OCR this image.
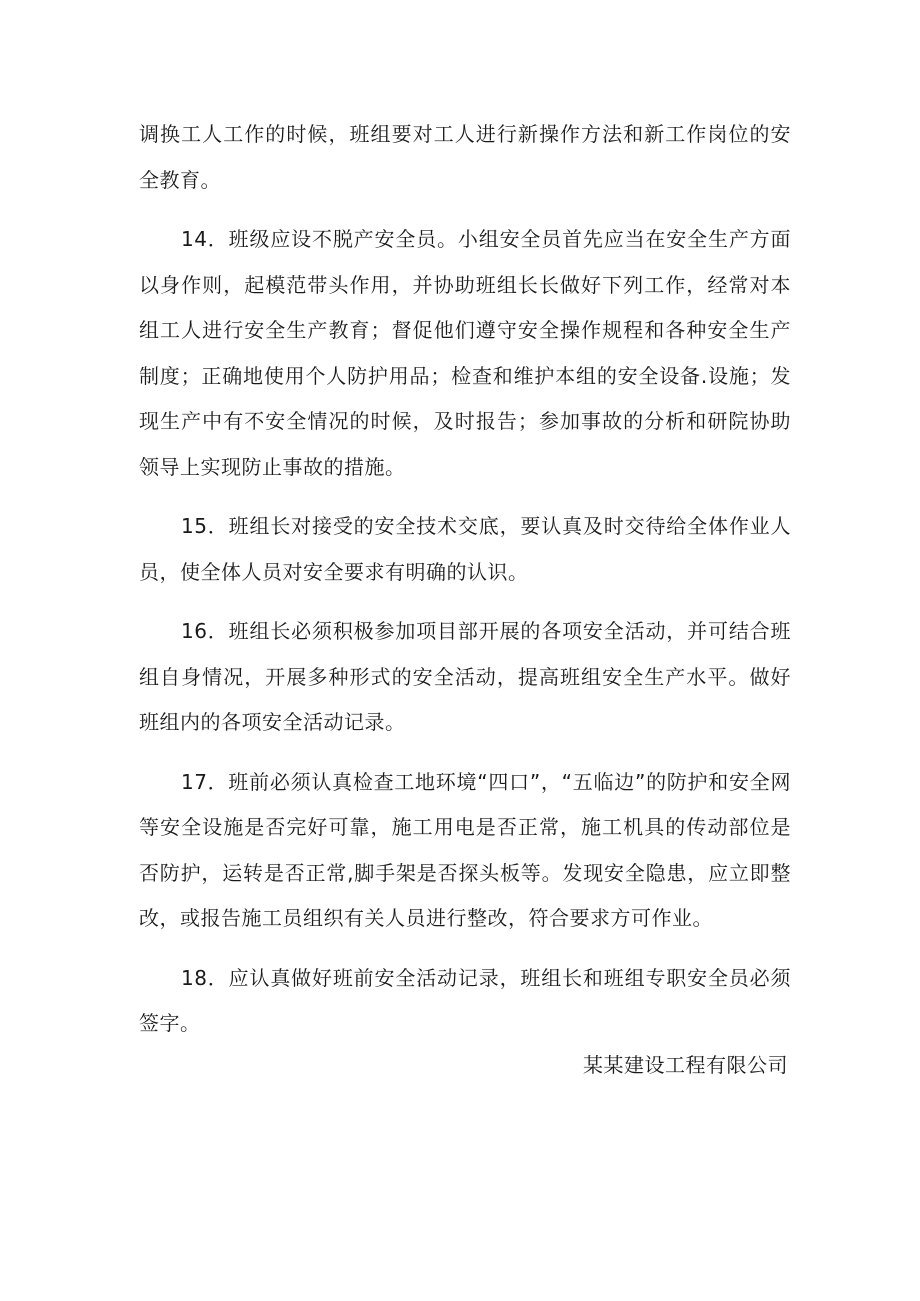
调换工人工作的时候，班组要对工人进行新操作方法和新工作岗位的安全教育。

14．班级应设不脱产安全员。小组安全员首先应当在安全生产方面以身作则，起模范带头作用，并协助班组长长做好下列工作，经常对本组工人进行安全生产教育；督促他们遵守安全操作规程和各种安全生产制度；正确地使用个人防护用品；检查和维护本组的安全设备.设施；发现生产中有不安全情况的时候，及时报告；参加事故的分析和研院协助领导上实现防止事故的措施。

15．班组长对接受的安全技术交底，要认真及时交待给全体作业人员，使全体人员对安全要求有明确的认识。

16．班组长必须积极参加项目部开展的各项安全活动，并可结合班组自身情况，开展多种形式的安全活动，提高班组安全生产水平。做好班组内的各项安全活动记录。

17．班前必须认真检查工地环境“四口”，“五临边”的防护和安全网等安全设施是否完好可靠，施工用电是否正常，施工机具的传动部位是否防护，运转是否正常,脚手架是否探头板等。发现安全隐患，应立即整改，或报告施工员组织有关人员进行整改，符合要求方可作业。

18．应认真做好班前安全活动记录，班组长和班组专职安全员必须签字。

某某建设工程有限公司
